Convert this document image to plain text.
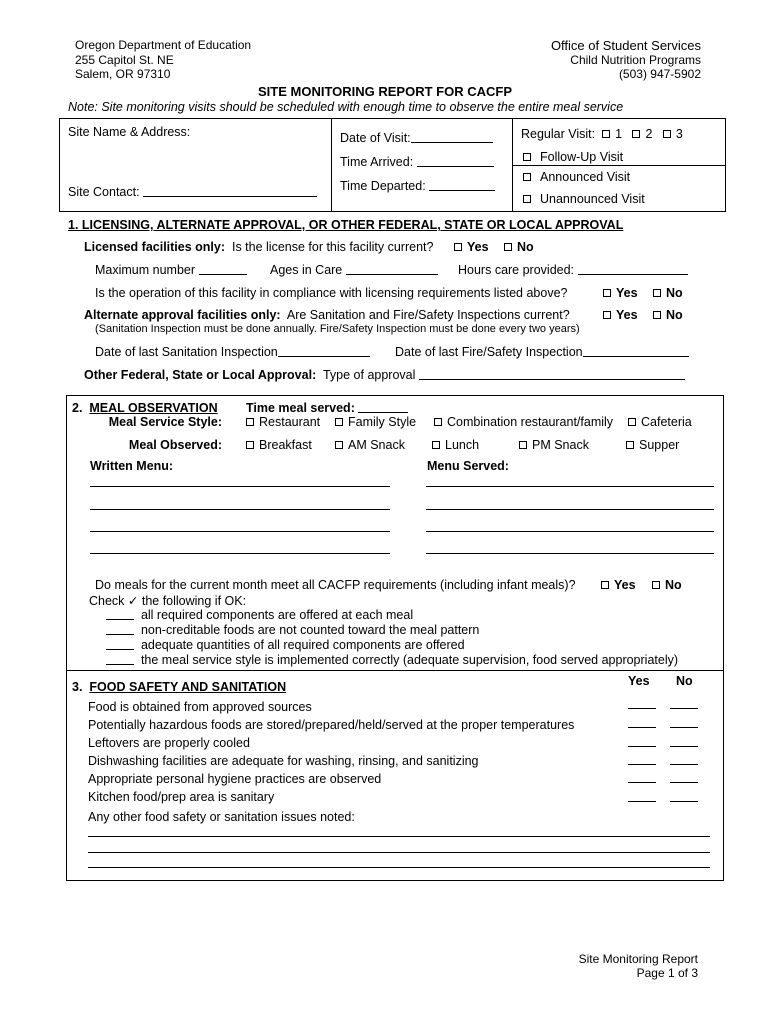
Oregon Department of Education
255 Capitol St. NE
Salem, OR 97310
Office of Student Services
Child Nutrition Programs
(503) 947-5902
SITE MONITORING REPORT FOR CACFP
Note: Site monitoring visits should be scheduled with enough time to observe the entire meal service
Site Name & Address:
Site Contact:
Date of Visit:
Time Arrived:
Time Departed:
Regular Visit: 1 2 3
Follow-Up Visit
Announced Visit
Unannounced Visit
1. LICENSING, ALTERNATE APPROVAL, OR OTHER FEDERAL, STATE OR LOCAL APPROVAL
Licensed facilities only: Is the license for this facility current?	Yes	No
Maximum number	Ages in Care	Hours care provided:
Is the operation of this facility in compliance with licensing requirements listed above?	Yes	No
Alternate approval facilities only: Are Sanitation and Fire/Safety Inspections current?	Yes	No
(Sanitation Inspection must be done annually. Fire/Safety Inspection must be done every two years)
Date of last Sanitation Inspection	Date of last Fire/Safety Inspection
Other Federal, State or Local Approval: Type of approval
2. MEAL OBSERVATION Time meal served:
Meal Service Style:	Restaurant	Family Style	Combination restaurant/family	Cafeteria
Meal Observed:	Breakfast	AM Snack	Lunch	PM Snack	Supper
Written Menu:	Menu Served:
Do meals for the current month meet all CACFP requirements (including infant meals)?	Yes	No
Check ✓ the following if OK:
all required components are offered at each meal
non-creditable foods are not counted toward the meal pattern
adequate quantities of all required components are offered
the meal service style is implemented correctly (adequate supervision, food served appropriately)
3. FOOD SAFETY AND SANITATION	Yes No
Food is obtained from approved sources
Potentially hazardous foods are stored/prepared/held/served at the proper temperatures
Leftovers are properly cooled
Dishwashing facilities are adequate for washing, rinsing, and sanitizing
Appropriate personal hygiene practices are observed
Kitchen food/prep area is sanitary
Any other food safety or sanitation issues noted:
Site Monitoring Report
Page 1 of 3
